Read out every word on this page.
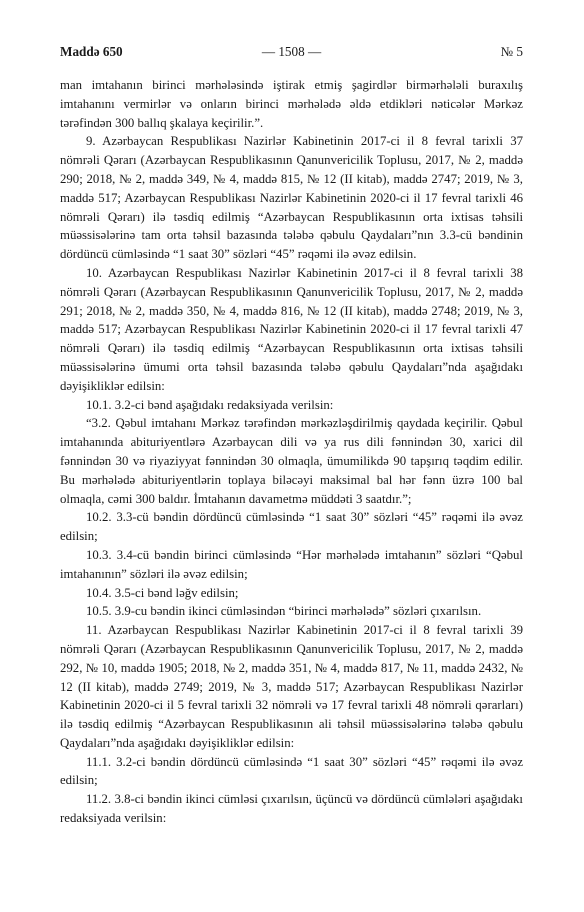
Maddə 650	— 1508 —	№ 5

man imtahanın birinci mərhələsində iştirak etmiş şagirdlər birmərhələli buraxılış imtahanını vermirlər və onların birinci mərhələdə əldə etdikləri nəticələr Mərkəz tərəfindən 300 ballıq şkalaya keçirilir.”.

9. Azərbaycan Respublikası Nazirlər Kabinetinin 2017-ci il 8 fevral tarixli 37 nömrəli Qərarı (Azərbaycan Respublikasının Qanunvericilik Toplusu, 2017, № 2, maddə 290; 2018, № 2, maddə 349, № 4, maddə 815, № 12 (II kitab), maddə 2747; 2019, № 3, maddə 517; Azərbaycan Respublikası Nazirlər Kabinetinin 2020-ci il 17 fevral tarixli 46 nömrəli Qərarı) ilə təsdiq edilmiş “Azərbaycan Respublikasının orta ixtisas təhsili müəssisələrinə tam orta təhsil bazasında tələbə qəbulu Qaydaları”nın 3.3-cü bəndinin dördüncü cümləsində “1 saat 30” sözləri “45” rəqəmi ilə əvəz edilsin.

10. Azərbaycan Respublikası Nazirlər Kabinetinin 2017-ci il 8 fevral tarixli 38 nömrəli Qərarı (Azərbaycan Respublikasının Qanunvericilik Toplusu, 2017, № 2, maddə 291; 2018, № 2, maddə 350, № 4, maddə 816, № 12 (II kitab), maddə 2748; 2019, № 3, maddə 517; Azərbaycan Respublikası Nazirlər Kabinetinin 2020-ci il 17 fevral tarixli 47 nömrəli Qərarı) ilə təsdiq edilmiş “Azərbaycan Respublikasının orta ixtisas təhsili müəssisələrinə ümumi orta təhsil bazasında tələbə qəbulu Qaydaları”nda aşağıdakı dəyişikliklər edilsin:

10.1. 3.2-ci bənd aşağıdakı redaksiyada verilsin:

“3.2. Qəbul imtahanı Mərkəz tərəfindən mərkəzləşdirilmiş qaydada keçirilir. Qəbul imtahanında abituriyentlərə Azərbaycan dili və ya rus dili fənnindən 30, xarici dil fənnindən 30 və riyaziyyat fənnindən 30 olmaqla, ümumilikdə 90 tapşırıq təqdim edilir. Bu mərhələdə abituriyentlərin toplaya biləcəyi maksimal bal hər fənn üzrə 100 bal olmaqla, cəmi 300 baldır. İmtahanın davametmə müddəti 3 saatdır.”;

10.2. 3.3-cü bəndin dördüncü cümləsində “1 saat 30” sözləri “45” rəqəmi ilə əvəz edilsin;

10.3. 3.4-cü bəndin birinci cümləsində “Hər mərhələdə imtahanın” sözləri “Qəbul imtahanının” sözləri ilə əvəz edilsin;

10.4. 3.5-ci bənd ləğv edilsin;

10.5. 3.9-cu bəndin ikinci cümləsindən “birinci mərhələdə” sözləri çıxarılsın.

11. Azərbaycan Respublikası Nazirlər Kabinetinin 2017-ci il 8 fevral tarixli 39 nömrəli Qərarı (Azərbaycan Respublikasının Qanunvericilik Toplusu, 2017, № 2, maddə 292, № 10, maddə 1905; 2018, № 2, maddə 351, № 4, maddə 817, № 11, maddə 2432, № 12 (II kitab), maddə 2749; 2019, № 3, maddə 517; Azərbaycan Respublikası Nazirlər Kabinetinin 2020-ci il 5 fevral tarixli 32 nömrəli və 17 fevral tarixli 48 nömrəli qərarları) ilə təsdiq edilmiş “Azərbaycan Respublikasının ali təhsil müəssisələrinə tələbə qəbulu Qaydaları”nda aşağıdakı dəyişikliklər edilsin:

11.1. 3.2-ci bəndin dördüncü cümləsində “1 saat 30” sözləri “45” rəqəmi ilə əvəz edilsin;

11.2. 3.8-ci bəndin ikinci cümləsi çıxarılsın, üçüncü və dördüncü cümlələri aşağıdakı redaksiyada verilsin:
